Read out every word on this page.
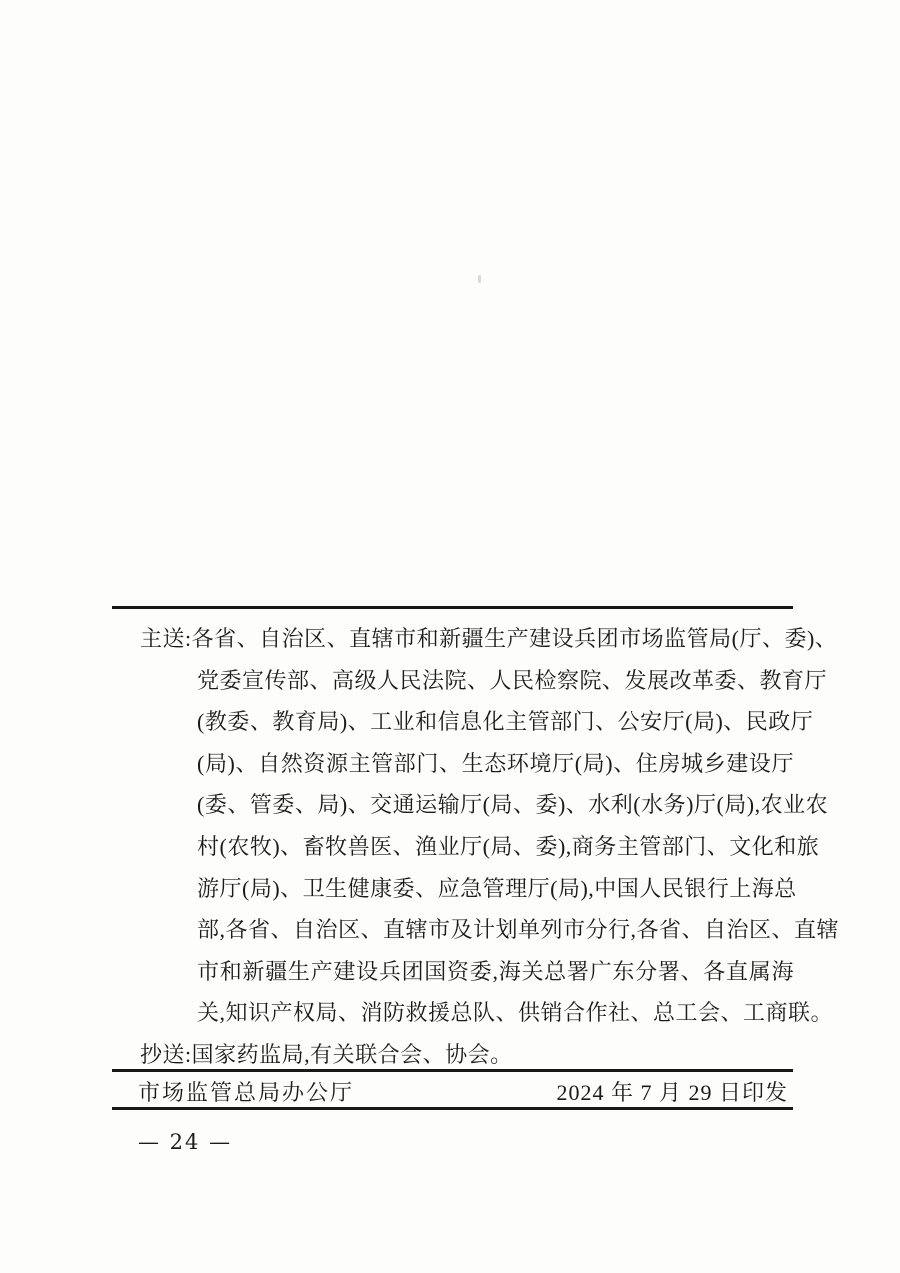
主送:各省、自治区、直辖市和新疆生产建设兵团市场监管局(厅、委)、
党委宣传部、高级人民法院、人民检察院、发展改革委、教育厅
(教委、教育局)、工业和信息化主管部门、公安厅(局)、民政厅
(局)、自然资源主管部门、生态环境厅(局)、住房城乡建设厅
(委、管委、局)、交通运输厅(局、委)、水利(水务)厅(局),农业农
村(农牧)、畜牧兽医、渔业厅(局、委),商务主管部门、文化和旅
游厅(局)、卫生健康委、应急管理厅(局),中国人民银行上海总
部,各省、自治区、直辖市及计划单列市分行,各省、自治区、直辖
市和新疆生产建设兵团国资委,海关总署广东分署、各直属海
关,知识产权局、消防救援总队、供销合作社、总工会、工商联。
抄送:国家药监局,有关联合会、协会。
市场监管总局办公厅	2024 年 7 月 29 日印发
— 24 —
